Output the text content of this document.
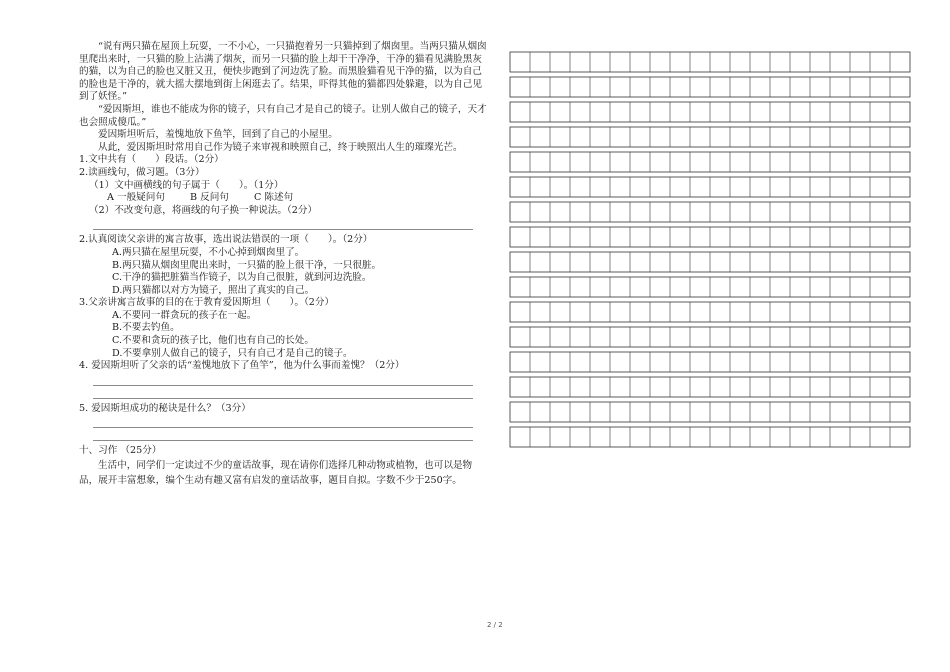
“说有两只猫在屋顶上玩耍，一不小心，一只猫抱着另一只猫掉到了烟囱里。当两只猫从烟囱里爬出来时，一只猫的脸上沾满了烟灰，而另一只猫的脸上却干干净净，干净的猫看见满脸黑灰的猫，以为自己的脸也又脏又丑，便快步跑到了河边洗了脸。而黑脸猫看见干净的猫，以为自己的脸也是干净的，就大摇大摆地到街上闲逛去了。结果，吓得其他的猫都四处躲避，以为自己见到了妖怪。”

“爱因斯坦，谁也不能成为你的镜子，只有自己才是自己的镜子。让别人做自己的镜子，天才也会照成傻瓜。”

爱因斯坦听后，羞愧地放下鱼竿，回到了自己的小屋里。

从此，爱因斯坦时常用自己作为镜子来审视和映照自己，终于映照出人生的璀璨光芒。

1.文中共有（　　）段话。（2分）

2.读画线句，做习题。（3分）

（1）文中画横线的句子属于（　　）。（1分）

A 一般疑问句	B 反问句	C 陈述句

（2）不改变句意，将画线的句子换一种说法。（2分）

2.认真阅读父亲讲的寓言故事，选出说法错误的一项（　　）。（2分）

A.两只猫在屋里玩耍，不小心掉到烟囱里了。

B.两只猫从烟囱里爬出来时，一只猫的脸上很干净，一只很脏。

C.干净的猫把脏猫当作镜子，以为自己很脏，就到河边洗脸。

D.两只猫都以对方为镜子，照出了真实的自己。

3.父亲讲寓言故事的目的在于教育爱因斯坦（　　）。（2分）

A.不要同一群贪玩的孩子在一起。

B.不要去钓鱼。

C.不要和贪玩的孩子比，他们也有自己的长处。

D.不要拿别人做自己的镜子，只有自己才是自己的镜子。

4. 爱因斯坦听了父亲的话“羞愧地放下了鱼竿”，他为什么事而羞愧？（2分）

5. 爱因斯坦成功的秘诀是什么？（3分）

十、习作 （25分）

生活中，同学们一定读过不少的童话故事，现在请你们选择几种动物或植物，也可以是物品，展开丰富想象，编个生动有趣又富有启发的童话故事，题目自拟。字数不少于250字。

2 / 2
